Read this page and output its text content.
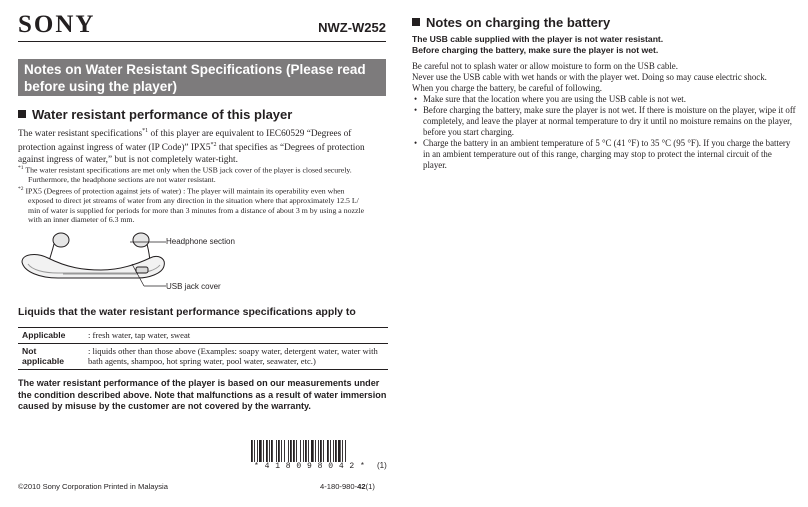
SONY	NWZ-W252
Notes on Water Resistant Specifications (Please read before using the player)
Water resistant performance of this player
The water resistant specifications$^{*1}$ of this player are equivalent to IEC60529 “Degrees of protection against ingress of water (IP Code)” IPX5$^{*2}$ that specifies as “Degrees of protection against ingress of water,” but is not completely water-tight.
$^{*1}$ The water resistant specifications are met only when the USB jack cover of the player is closed securely.
Furthermore, the headphone sections are not water resistant.
$^{*2}$ IPX5 (Degrees of protection against jets of water) : The player will maintain its operability even when
exposed to direct jet streams of water from any direction in the situation where that approximately 12.5 L/
min of water is supplied for periods for more than 3 minutes from a distance of about 3 m by using a nozzle
with an inner diameter of 6.3 mm.
Headphone section
USB jack cover
Liquids that the water resistant performance specifications apply to
Applicable	: fresh water, tap water, sweat
Not applicable	: liquids other than those above (Examples: soapy water, detergent water, water with bath agents, shampoo, hot spring water, pool water, seawater, etc.)
The water resistant performance of the player is based on our measurements under the condition described above. Note that malfunctions as a result of water immersion caused by misuse by the customer are not covered by the warranty.
* 4 1 8 0 9 8 0 4 2 *	(1)
©2010 Sony Corporation Printed in Malaysia	4-180-980-42(1)
Notes on charging the battery
The USB cable supplied with the player is not water resistant.
Before charging the battery, make sure the player is not wet.
Be careful not to splash water or allow moisture to form on the USB cable.
Never use the USB cable with wet hands or with the player wet. Doing so may cause electric shock.
When you charge the battery, be careful of following.
• Make sure that the location where you are using the USB cable is not wet.
• Before charging the battery, make sure the player is not wet. If there is moisture on the player, wipe it off completely, and leave the player at normal temperature to dry it until no moisture remains on the player, before you start charging.
• Charge the battery in an ambient temperature of 5 °C (41 °F) to 35 °C (95 °F). If you charge the battery in an ambient temperature out of this range, charging may stop to protect the internal circuit of the player.
